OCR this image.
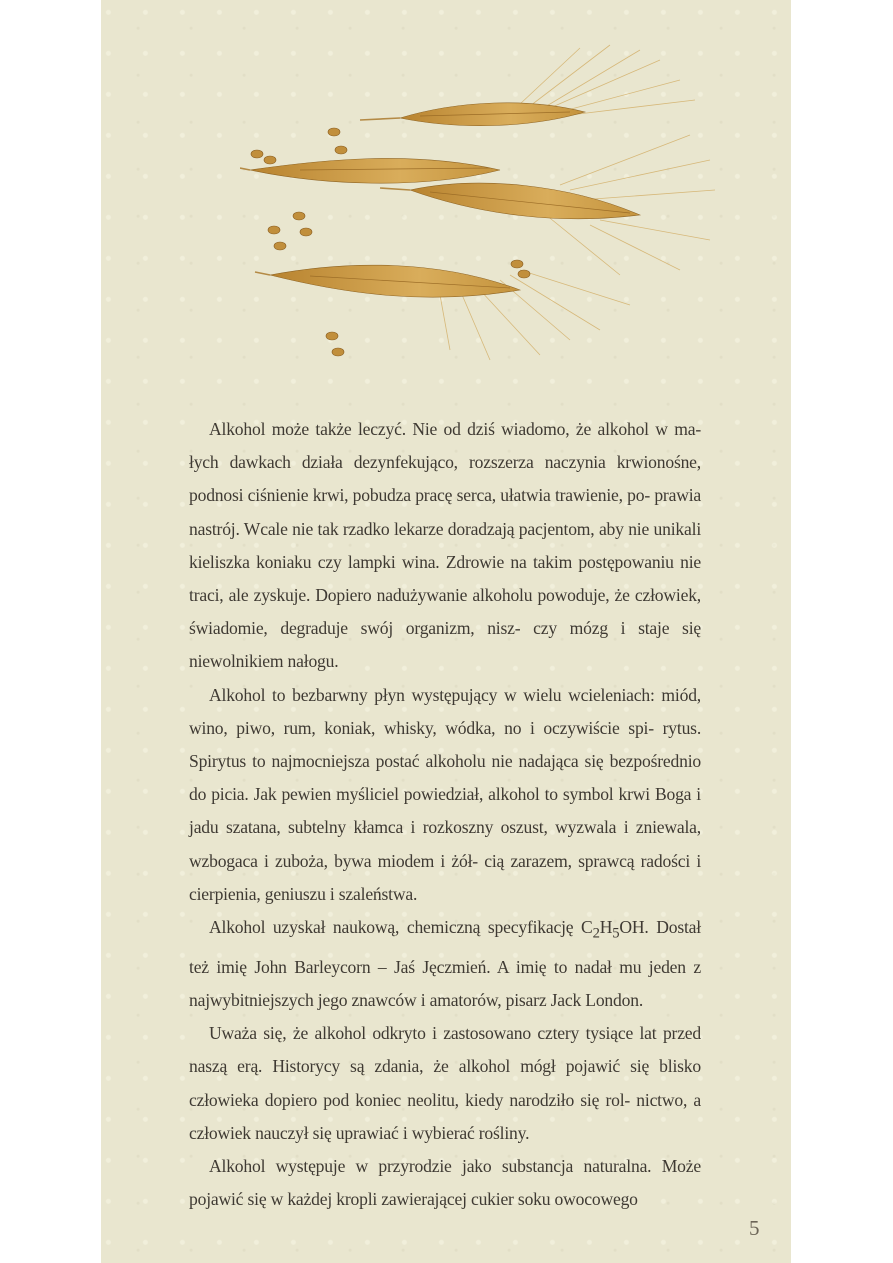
Alkohol może także leczyć. Nie od dziś wiadomo, że alkohol w ma- łych dawkach działa dezynfekująco, rozszerza naczynia krwionośne, podnosi ciśnienie krwi, pobudza pracę serca, ułatwia trawienie, po- prawia nastrój. Wcale nie tak rzadko lekarze doradzają pacjentom, aby nie unikali kieliszka koniaku czy lampki wina. Zdrowie na takim postępowaniu nie traci, ale zyskuje. Dopiero nadużywanie alkoholu powoduje, że człowiek, świadomie, degraduje swój organizm, nisz- czy mózg i staje się niewolnikiem nałogu.

Alkohol to bezbarwny płyn występujący w wielu wcieleniach: miód, wino, piwo, rum, koniak, whisky, wódka, no i oczywiście spi- rytus. Spirytus to najmocniejsza postać alkoholu nie nadająca się bezpośrednio do picia. Jak pewien myśliciel powiedział, alkohol to symbol krwi Boga i jadu szatana, subtelny kłamca i rozkoszny oszust, wyzwala i zniewala, wzbogaca i zuboża, bywa miodem i żół- cią zarazem, sprawcą radości i cierpienia, geniuszu i szaleństwa.

Alkohol uzyskał naukową, chemiczną specyfikację $C_2H_5OH$. Dostał też imię John Barleycorn – Jaś Jęczmień. A imię to nadał mu jeden z najwybitniejszych jego znawców i amatorów, pisarz Jack London.

Uważa się, że alkohol odkryto i zastosowano cztery tysiące lat przed naszą erą. Historycy są zdania, że alkohol mógł pojawić się blisko człowieka dopiero pod koniec neolitu, kiedy narodziło się rol- nictwo, a człowiek nauczył się uprawiać i wybierać rośliny.

Alkohol występuje w przyrodzie jako substancja naturalna. Może pojawić się w każdej kropli zawierającej cukier soku owocowego

5
